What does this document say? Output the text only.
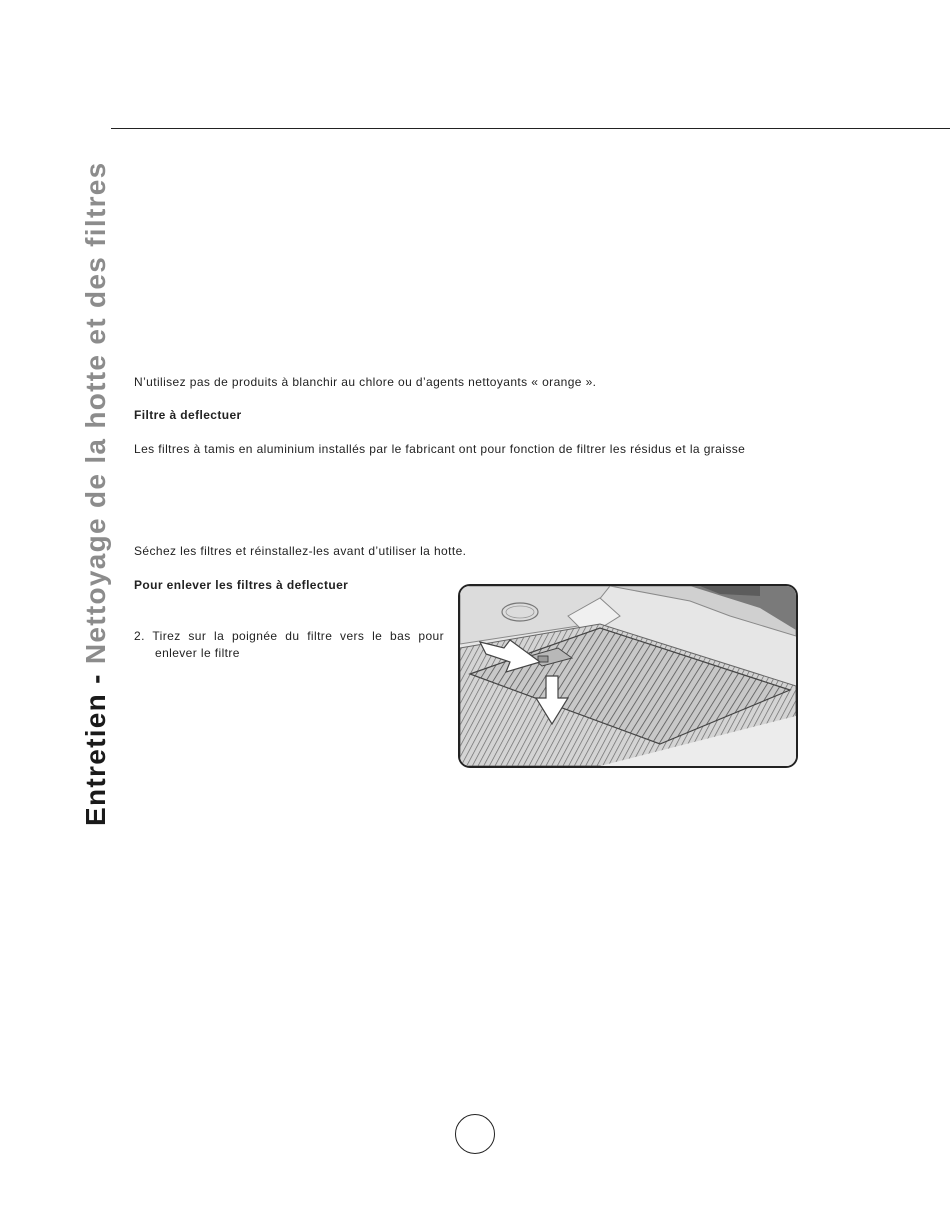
Entretien - Nettoyage de la hotte et des filtres N’utilisez pas de produits à blanchir au chlore ou d’agents nettoyants « orange ».
Filtre à deflectuer
Les filtres à tamis en aluminium installés par le fabricant ont pour fonction de filtrer les résidus et la graisse
Séchez les filtres et réinstallez-les avant d’utiliser la hotte.
Pour enlever les filtres à deflectuer
2. Tirez sur la poignée du filtre vers le bas pour
enlever le filtre
